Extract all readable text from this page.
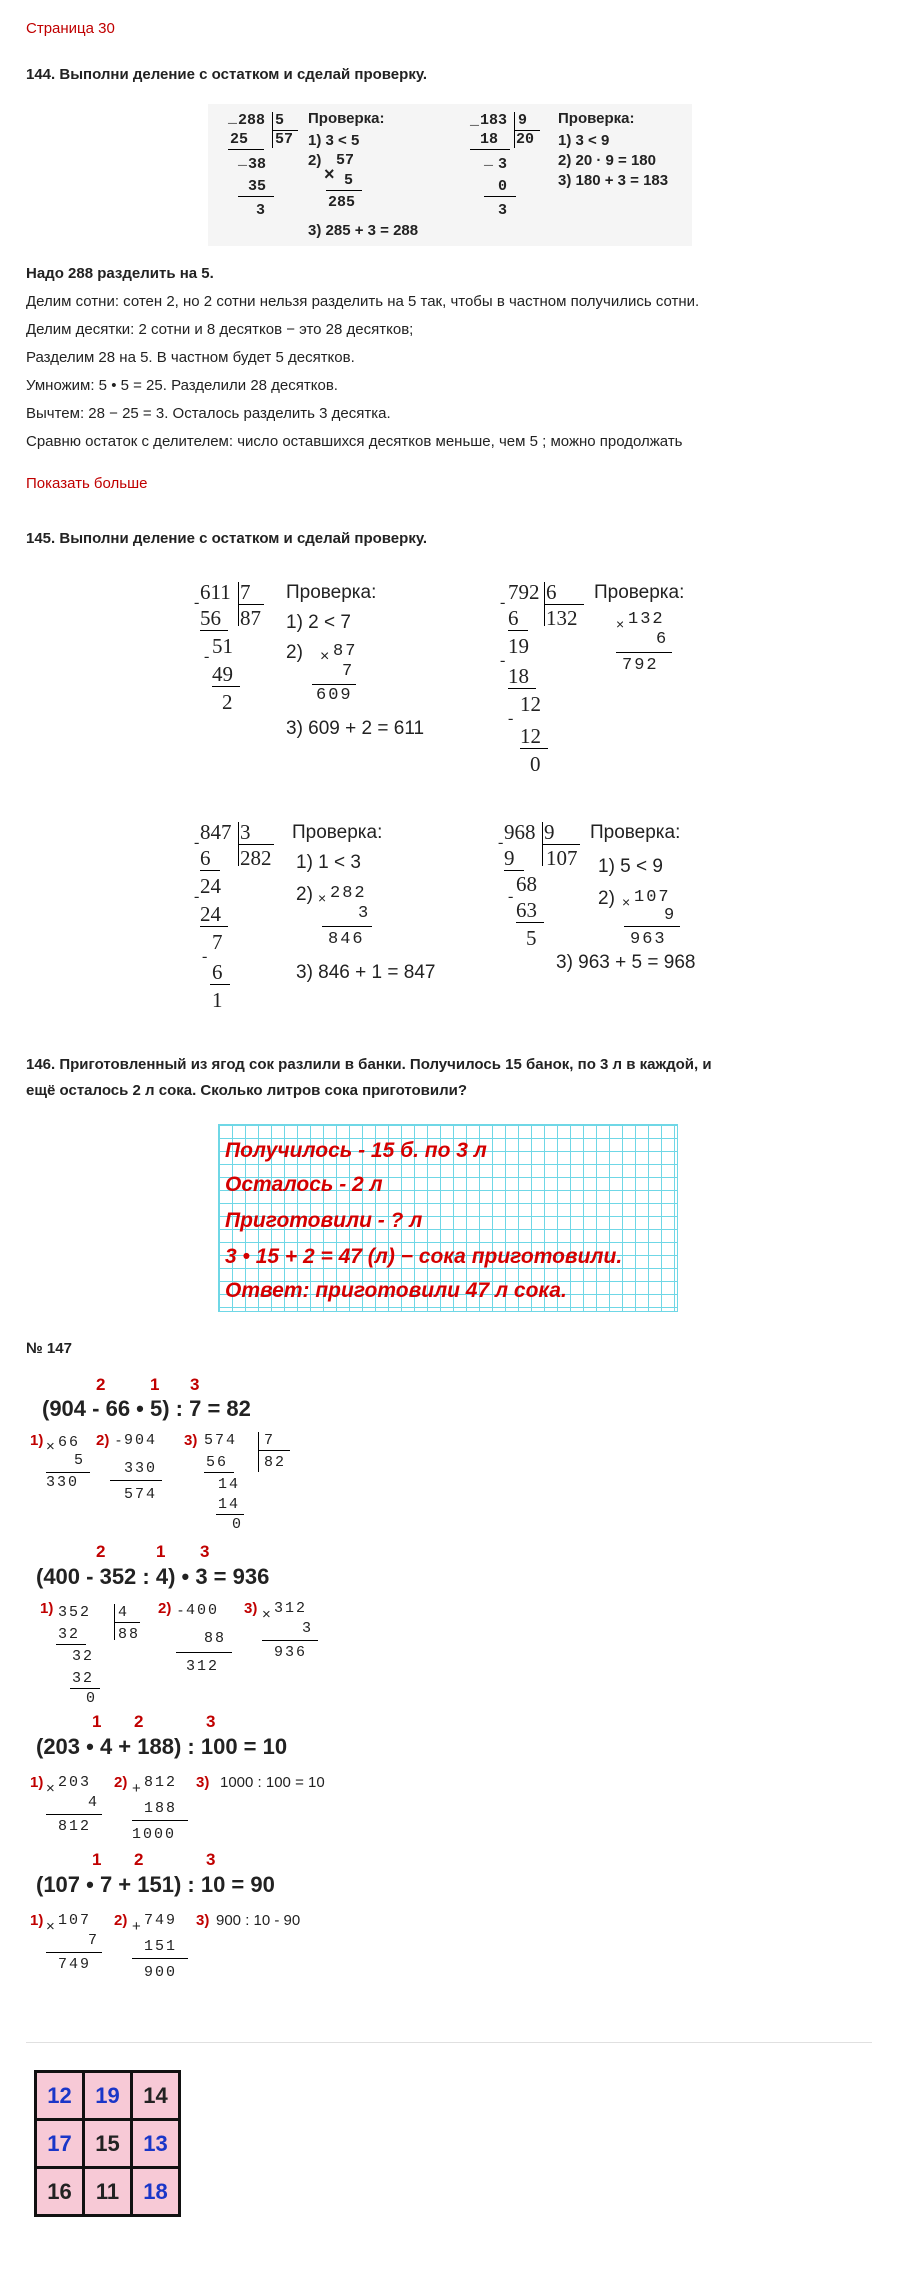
Страница 30
144. Выполни деление с остатком и сделай проверку.
_ 288 5
57
25
_ 38
35
3
Проверка:
1) 3 < 5
2)
×
57
5
285
3) 285 + 3 = 288
_ 183 9
20
18
_ 3
0
3
Проверка:
1) 3 < 9
2) 20 · 9 = 180
3) 180 + 3 = 183
Надо 288 разделить на 5.
Делим сотни: сотен 2, но 2 сотни нельзя разделить на 5 так, чтобы в частном получились сотни.
Делим десятки: 2 сотни и 8 десятков − это 28 десятков;
Разделим 28 на 5. В частном будет 5 десятков.
Умножим: 5 • 5 = 25. Разделили 28 десятков.
Вычтем: 28 − 25 = 3. Осталось разделить 3 десятка.
Сравню остаток с делителем: число оставшихся десятков меньше, чем 5 ; можно продолжать
Показать больше
145. Выполни деление с остатком и сделай проверку.
611 7
87
-
56
51
-
49
2
Проверка:
1) 2 < 7
2) × 87
7
609
3) 609 + 2 = 611
792 6
132
-
6
19
-
18
12
-
12
0
Проверка:
× 132
6
792
847 3
282
-
6
24
-
24
7
-
6
1
Проверка:
1) 1 < 3
2) × 282
3
846
3) 846 + 1 = 847
968 9
107
-
9
68
-
63
5
Проверка:
1) 5 < 9
2) × 107
9
963
3) 963 + 5 = 968
146. Приготовленный из ягод сок разлили в банки. Получилось 15 банок, по 3 л в каждой, и
ещё осталось 2 л сока. Сколько литров сока приготовили?
Получилось - 15 б. по 3 л
Осталось - 2 л
Приготовили - ? л
3 • 15 + 2 = 47 (л) − сока приготовили.
Ответ: приготовили 47 л сока.
№ 147
2	1 3
(904 - 66 • 5) : 7 = 82
1) × 66
5
330
2) - 904
330
574
3) 574 7
82
56
14
14
0
2	1 3
(400 - 352 : 4) • 3 = 936
1) 352 4
88
32
32
32
0
2) - 400
88
312
3) × 312
3
936
1 2	3
(203 • 4 + 188) : 100 = 10
1) × 203
4
812
2) + 812
188
1000
3) 1000 : 100 = 10
1 2	3
(107 • 7 + 151) : 10 = 90
1) × 107
7
749
2) + 749
151
900
3) 900 : 10 - 90
12	19	14
17	15	13
16	11	18
